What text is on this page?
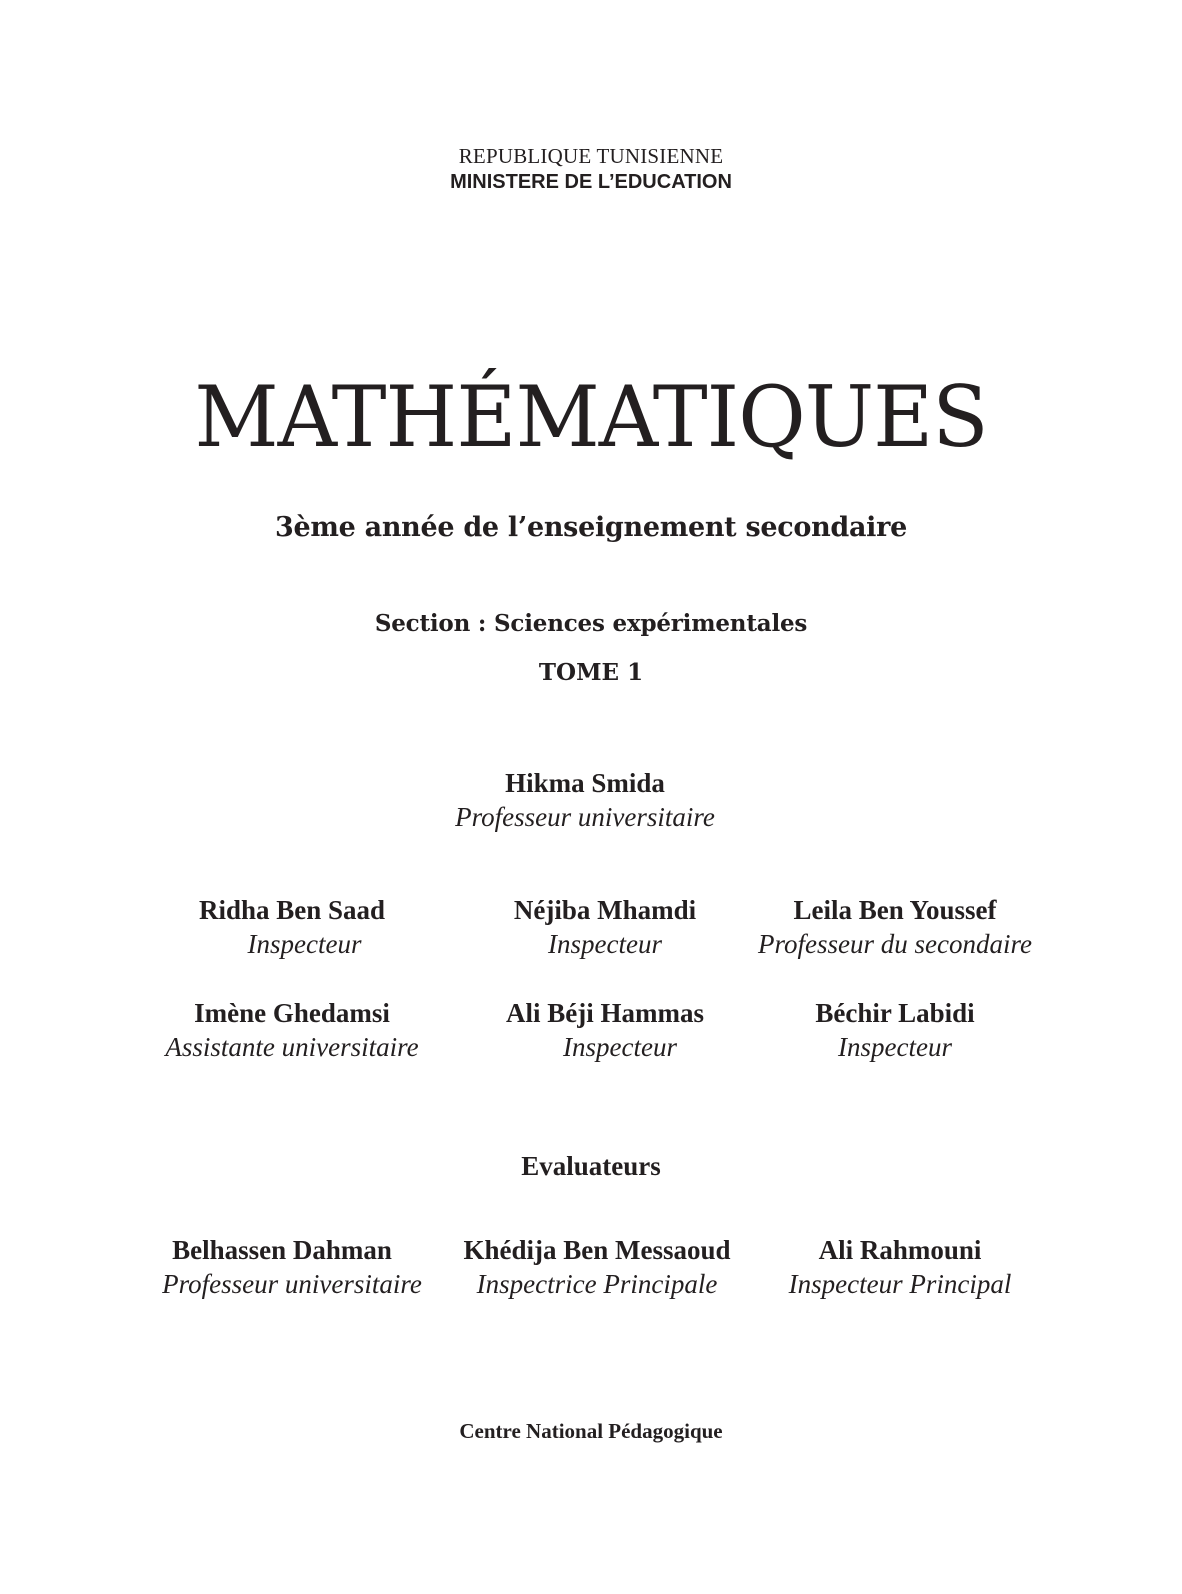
REPUBLIQUE TUNISIENNE
MINISTERE DE L’EDUCATION
MATHÉMATIQUES
3ème année de l’enseignement secondaire
Section : Sciences expérimentales
TOME 1
Hikma Smida
Professeur universitaire
Ridha Ben Saad
Inspecteur
Néjiba Mhamdi
Inspecteur
Leila Ben Youssef
Professeur du secondaire
Imène Ghedamsi
Assistante universitaire
Ali Béji Hammas
Inspecteur
Béchir Labidi
Inspecteur
Evaluateurs
Belhassen Dahman
Professeur universitaire
Khédija Ben Messaoud
Inspectrice Principale
Ali Rahmouni
Inspecteur Principal
Centre National Pédagogique
